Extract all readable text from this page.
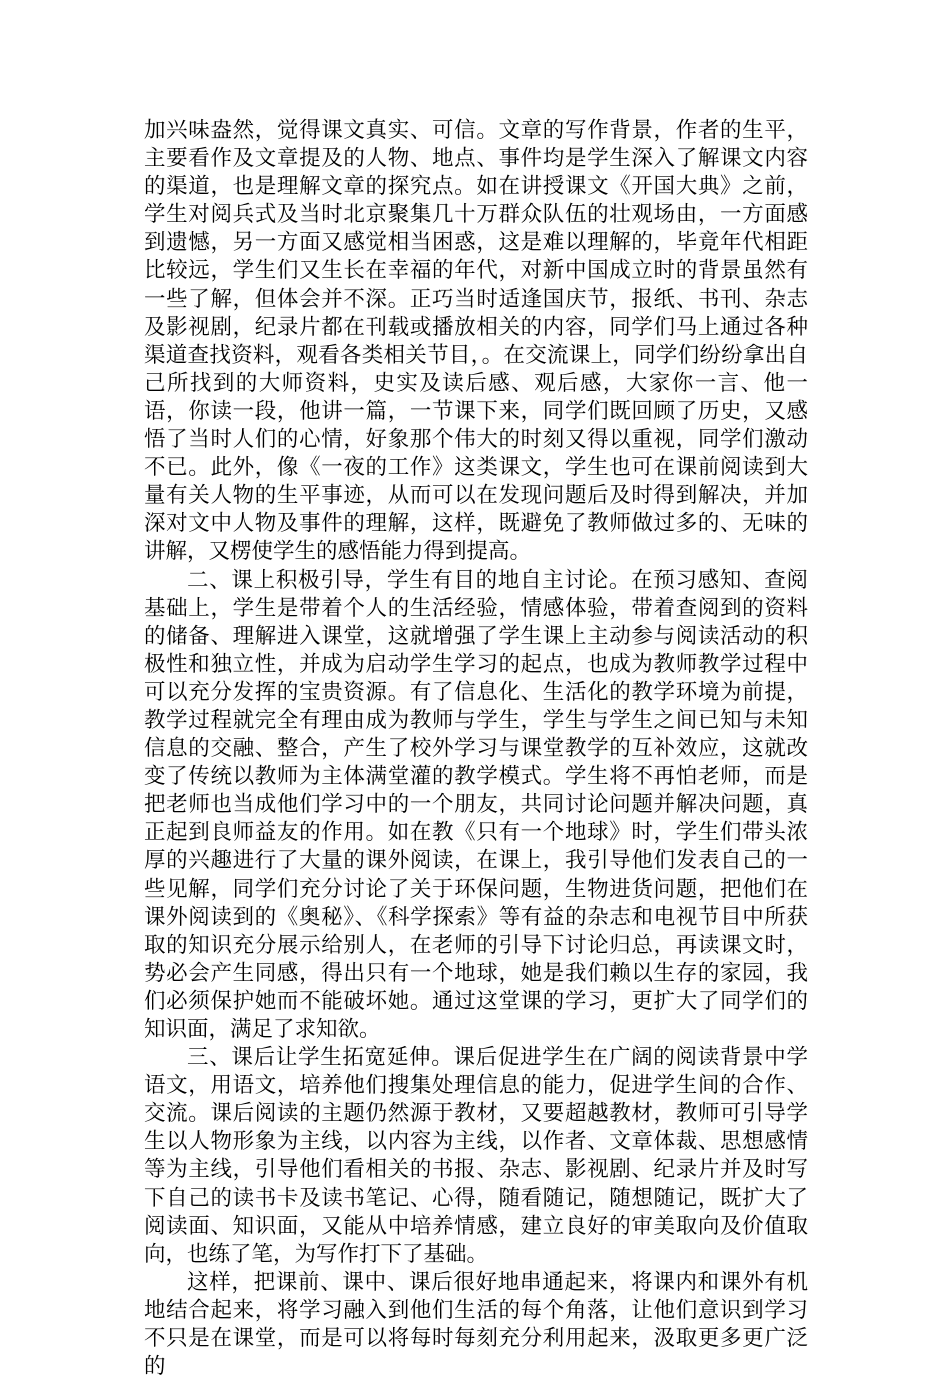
加兴味盎然，觉得课文真实、可信。文章的写作背景，作者的生平，主要看作及文章提及的人物、地点、事件均是学生深入了解课文内容的渠道，也是理解文章的探究点。如在讲授课文《开国大典》之前，学生对阅兵式及当时北京聚集几十万群众队伍的壮观场由，一方面感到遗憾，另一方面又感觉相当困惑，这是难以理解的，毕竟年代相距比较远，学生们又生长在幸福的年代，对新中国成立时的背景虽然有一些了解，但体会并不深。正巧当时适逢国庆节，报纸、书刊、杂志及影视剧，纪录片都在刊载或播放相关的内容，同学们马上通过各种渠道查找资料，观看各类相关节目，。在交流课上，同学们纷纷拿出自己所找到的大师资料，史实及读后感、观后感，大家你一言、他一语，你读一段，他讲一篇，一节课下来，同学们既回顾了历史，又感悟了当时人们的心情，好象那个伟大的时刻又得以重视，同学们激动不已。此外，像《一夜的工作》这类课文，学生也可在课前阅读到大量有关人物的生平事迹，从而可以在发现问题后及时得到解决，并加深对文中人物及事件的理解，这样，既避免了教师做过多的、无味的讲解，又楞使学生的感悟能力得到提高。

二、课上积极引导，学生有目的地自主讨论。在预习感知、查阅 基础上，学生是带着个人的生活经验，情感体验，带着查阅到的资料的储备、理解进入课堂，这就增强了学生课上主动参与阅读活动的积极性和独立性，并成为启动学生学习的起点，也成为教师教学过程中可以充分发挥的宝贵资源。有了信息化、生活化的教学环境为前提，教学过程就完全有理由成为教师与学生，学生与学生之间已知与未知信息的交融、整合，产生了校外学习与课堂教学的互补效应，这就改变了传统以教师为主体满堂灌的教学模式。学生将不再怕老师，而是把老师也当成他们学习中的一个朋友，共同讨论问题并解决问题，真正起到良师益友的作用。如在教《只有一个地球》时，学生们带头浓厚的兴趣进行了大量的课外阅读，在课上，我引导他们发表自己的一些见解，同学们充分讨论了关于环保问题，生物进货问题，把他们在课外阅读到的《奥秘》、《科学探索》等有益的杂志和电视节目中所获取的知识充分展示给别人，在老师的引导下讨论归总，再读课文时，势必会产生同感，得出只有一个地球，她是我们赖以生存的家园，我们必须保护她而不能破坏她。通过这堂课的学习，更扩大了同学们的知识面，满足了求知欲。

三、课后让学生拓宽延伸。课后促进学生在广阔的阅读背景中学语文，用语文，培养他们搜集处理信息的能力，促进学生间的合作、交流。课后阅读的主题仍然源于教材，又要超越教材，教师可引导学生以人物形象为主线，以内容为主线，以作者、文章体裁、思想感情等为主线，引导他们看相关的书报、杂志、影视剧、纪录片并及时写下自己的读书卡及读书笔记、心得，随看随记，随想随记，既扩大了阅读面、知识面，又能从中培养情感，建立良好的审美取向及价值取向，也练了笔，为写作打下了基础。

这样，把课前、课中、课后很好地串通起来，将课内和课外有机地结合起来，将学习融入到他们生活的每个角落，让他们意识到学习不只是在课堂，而是可以将每时每刻充分利用起来，汲取更多更广泛的
